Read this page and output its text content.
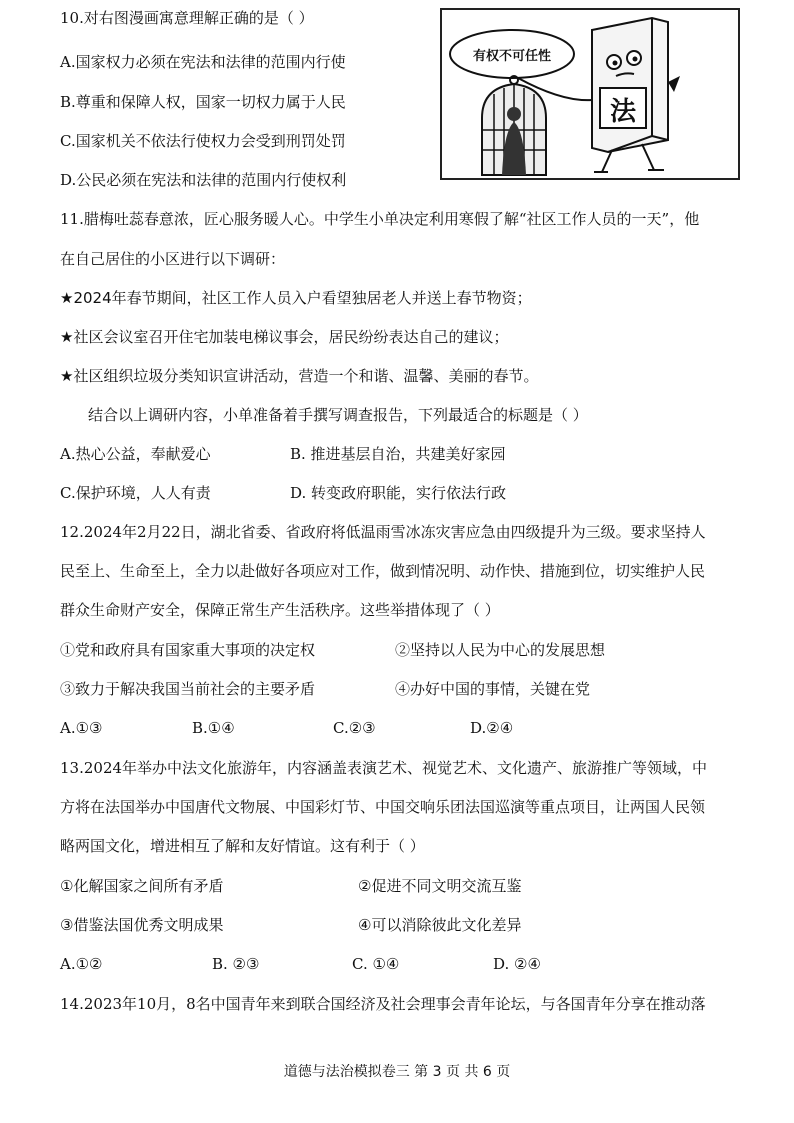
10.对右图漫画寓意理解正确的是（ ）
A.国家权力必须在宪法和法律的范围内行使
B.尊重和保障人权，国家一切权力属于人民
C.国家机关不依法行使权力会受到刑罚处罚
D.公民必须在宪法和法律的范围内行使权利
有权不可任性
法
11.腊梅吐蕊春意浓，匠心服务暖人心。中学生小单决定利用寒假了解“社区工作人员的一天”，他
在自己居住的小区进行以下调研：
★2024年春节期间，社区工作人员入户看望独居老人并送上春节物资；
★社区会议室召开住宅加装电梯议事会，居民纷纷表达自己的建议；
★社区组织垃圾分类知识宣讲活动，营造一个和谐、温馨、美丽的春节。
结合以上调研内容，小单准备着手撰写调查报告，下列最适合的标题是（ ）
A.热心公益，奉献爱心	B. 推进基层自治，共建美好家园
C.保护环境，人人有责	D. 转变政府职能，实行依法行政
12.2024年2月22日，湖北省委、省政府将低温雨雪冰冻灾害应急由四级提升为三级。要求坚持人
民至上、生命至上，全力以赴做好各项应对工作，做到情况明、动作快、措施到位，切实维护人民
群众生命财产安全，保障正常生产生活秩序。这些举措体现了（ ）
①党和政府具有国家重大事项的决定权	②坚持以人民为中心的发展思想
③致力于解决我国当前社会的主要矛盾	④办好中国的事情，关键在党
A.①③	B.①④	C.②③	D.②④
13.2024年举办中法文化旅游年，内容涵盖表演艺术、视觉艺术、文化遗产、旅游推广等领域，中
方将在法国举办中国唐代文物展、中国彩灯节、中国交响乐团法国巡演等重点项目，让两国人民领
略两国文化，增进相互了解和友好情谊。这有利于（ ）
①化解国家之间所有矛盾	②促进不同文明交流互鉴
③借鉴法国优秀文明成果	④可以消除彼此文化差异
A.①②	B. ②③	C. ①④	D. ②④
14.2023年10月，8名中国青年来到联合国经济及社会理事会青年论坛，与各国青年分享在推动落
道德与法治模拟卷三 第 3 页 共 6 页
